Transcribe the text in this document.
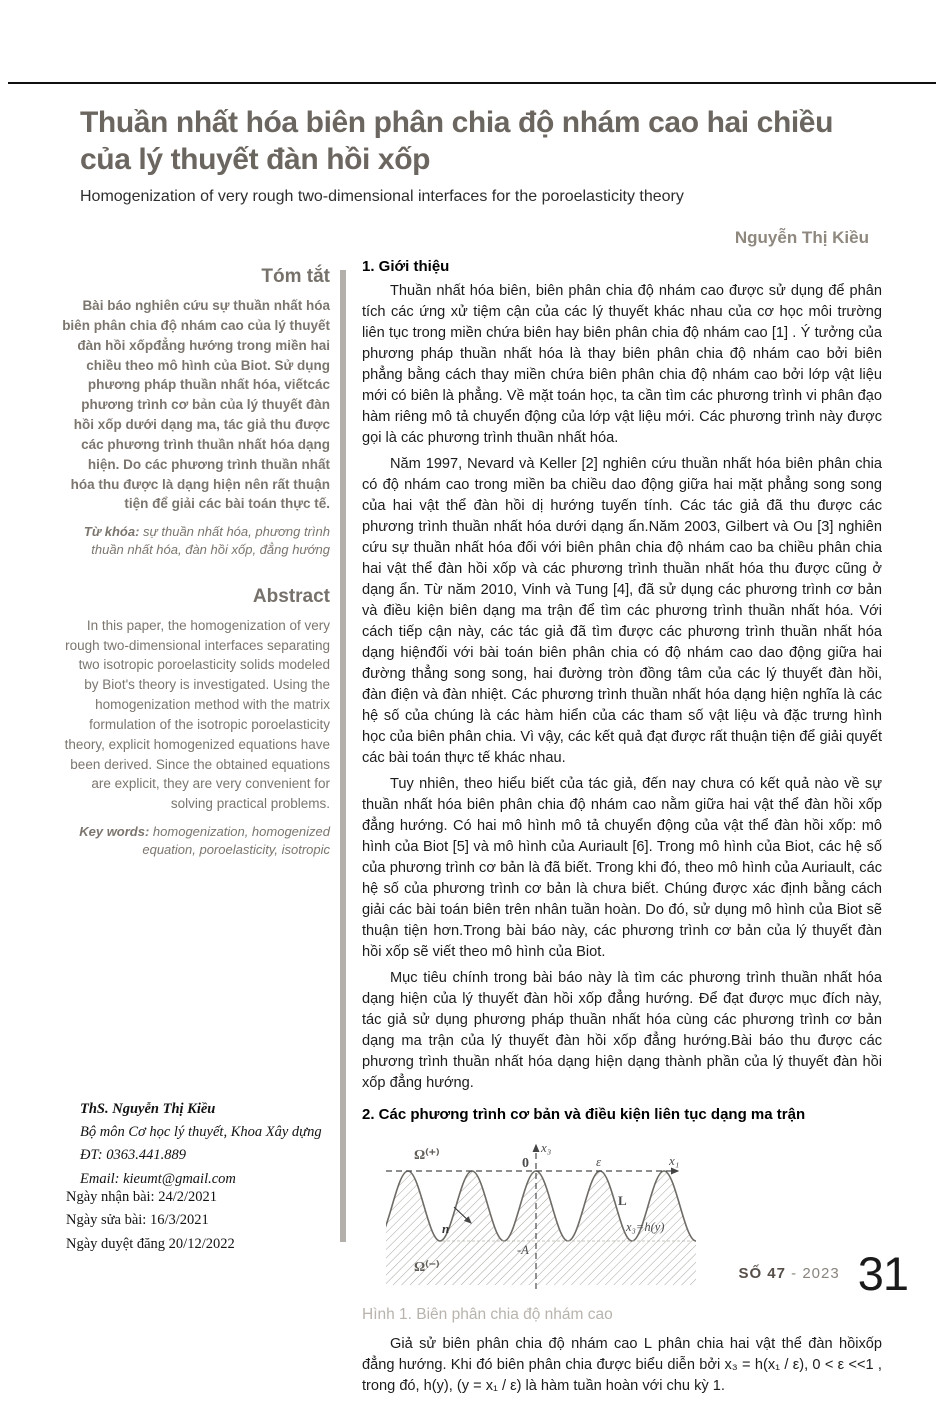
Thuần nhất hóa biên phân chia độ nhám cao hai chiều
của lý thuyết đàn hồi xốp
Homogenization of very rough two-dimensional interfaces for the poroelasticity theory
Nguyễn Thị Kiều
Tóm tắt
Bài báo nghiên cứu sự thuần nhất hóa biên phân chia độ nhám cao của lý thuyết đàn hồi xốpđẳng hướng trong miền hai chiều theo mô hình của Biot. Sử dụng phương pháp thuần nhất hóa, viếtcác phương trình cơ bản của lý thuyết đàn hồi xốp dưới dạng ma, tác giả thu được các phương trình thuần nhất hóa dạng hiện. Do các phương trình thuần nhất hóa thu được là dạng hiện nên rất thuận tiện để giải các bài toán thực tế.
Từ khóa: sự thuần nhất hóa, phương trình thuần nhất hóa, đàn hồi xốp, đẳng hướng
Abstract
In this paper, the homogenization of very rough two-dimensional interfaces separating two isotropic poroelasticity solids modeled by Biot's theory is investigated. Using the homogenization method with the matrix formulation of the isotropic poroelasticity theory, explicit homogenized equations have been derived. Since the obtained equations are explicit, they are very convenient for solving practical problems.
Key words: homogenization, homogenized equation, poroelasticity, isotropic
1. Giới thiệu

Thuần nhất hóa biên, biên phân chia độ nhám cao được sử dụng để phân tích các ứng xử tiệm cận của các lý thuyết khác nhau của cơ học môi trường liên tục trong miền chứa biên hay biên phân chia độ nhám cao [1] . Ý tưởng của phương pháp thuần nhất hóa là thay biên phân chia độ nhám cao bởi biên phẳng bằng cách thay miền chứa biên phân chia độ nhám cao bởi lớp vật liệu mới có biên là phẳng. Về mặt toán học, ta cần tìm các phương trình vi phân đạo hàm riêng mô tả chuyển động của lớp vật liệu mới. Các phương trình này được gọi là các phương trình thuần nhất hóa.

Năm 1997, Nevard và Keller [2] nghiên cứu thuần nhất hóa biên phân chia có độ nhám cao trong miền ba chiều dao động giữa hai mặt phẳng song song của hai vật thể đàn hồi dị hướng tuyến tính. Các tác giả đã thu được các phương trình thuần nhất hóa dưới dạng ẩn.Năm 2003, Gilbert và Ou [3] nghiên cứu sự thuần nhất hóa đối với biên phân chia độ nhám cao ba chiều phân chia hai vật thể đàn hồi xốp và các phương trình thuần nhất hóa thu được cũng ở dạng ẩn. Từ năm 2010, Vinh và Tung [4], đã sử dụng các phương trình cơ bản và điều kiện biên dạng ma trận để tìm các phương trình thuần nhất hóa. Với cách tiếp cận này, các tác giả đã tìm được các phương trình thuần nhất hóa dạng hiệnđối với bài toán biên phân chia có độ nhám cao dao động giữa hai đường thẳng song song, hai đường tròn đồng tâm của các lý thuyết đàn hồi, đàn điện và đàn nhiệt. Các phương trình thuần nhất hóa dạng hiện nghĩa là các hệ số của chúng là các hàm hiển của các tham số vật liệu và đặc trưng hình học của biên phân chia. Vì vậy, các kết quả đạt được rất thuận tiện để giải quyết các bài toán thực tế khác nhau.

Tuy nhiên, theo hiểu biết của tác giả, đến nay chưa có kết quả nào về sự thuần nhất hóa biên phân chia độ nhám cao nằm giữa hai vật thể đàn hồi xốp đẳng hướng. Có hai mô hình mô tả chuyển động của vật thể đàn hồi xốp: mô hình của Biot [5] và mô hình của Auriault [6]. Trong mô hình của Biot, các hệ số của phương trình cơ bản là đã biết. Trong khi đó, theo mô hình của Auriault, các hệ số của phương trình cơ bản là chưa biết. Chúng được xác định bằng cách giải các bài toán biên trên nhân tuần hoàn. Do đó, sử dụng mô hình của Biot sẽ thuận tiện hơn.Trong bài báo này, các phương trình cơ bản của lý thuyết đàn hồi xốp sẽ viết theo mô hình của Biot.

Mục tiêu chính trong bài báo này là tìm các phương trình thuần nhất hóa dạng hiện của lý thuyết đàn hồi xốp đẳng hướng. Để đạt được mục đích này, tác giả sử dụng phương pháp thuần nhất hóa cùng các phương trình cơ bản dạng ma trận của lý thuyết đàn hồi xốp đẳng hướng.Bài báo thu được các phương trình thuần nhất hóa dạng hiện dạng thành phần của lý thuyết đàn hồi xốp đẳng hướng.

2. Các phương trình cơ bản và điều kiện liên tục dạng ma trận
Ω⁽⁺⁾
Ω⁽⁻⁾
x₃
x₁
0	ε
L
n	x₃=h(y)
-A
Hình 1. Biên phân chia độ nhám cao

Giả sử biên phân chia độ nhám cao L phân chia hai vật thể đàn hồixốp đẳng hướng. Khi đó biên phân chia được biểu diễn bởi x₃ = h(x₁ / ε), 0 < ε <<1 , trong đó, h(y), (y = x₁ / ε) là hàm tuần hoàn với chu kỳ 1.

ThS. Nguyễn Thị Kiều
Bộ môn Cơ học lý thuyết, Khoa Xây dựng
ĐT: 0363.441.889
Email: kieumt@gmail.com
Ngày nhận bài: 24/2/2021
Ngày sửa bài: 16/3/2021
Ngày duyệt đăng 20/12/2022
SỐ 47 - 2023 31
